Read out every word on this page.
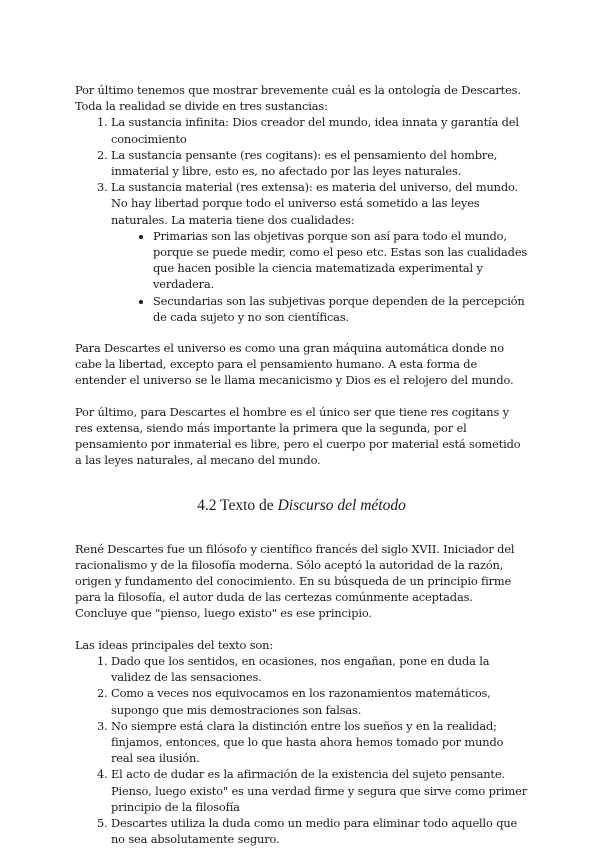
Por último tenemos que mostrar brevemente cuál es la ontología de Descartes. Toda la realidad se divide en tres sustancias:

1. La sustancia infinita: Dios creador del mundo, idea innata y garantía del conocimiento
2. La sustancia pensante (res cogitans): es el pensamiento del hombre, inmaterial y libre, esto es, no afectado por las leyes naturales.
3. La sustancia material (res extensa): es materia del universo, del mundo. No hay libertad porque todo el universo está sometido a las leyes naturales. La materia tiene dos cualidades:
• Primarias son las objetivas porque son así para todo el mundo, porque se puede medir, como el peso etc. Estas son las cualidades que hacen posible la ciencia matematizada experimental y verdadera.
• Secundarias son las subjetivas porque dependen de la percepción de cada sujeto y no son científicas.

Para Descartes el universo es como una gran máquina automática donde no cabe la libertad, excepto para el pensamiento humano. A esta forma de entender el universo se le llama mecanicismo y Dios es el relojero del mundo.

Por último, para Descartes el hombre es el único ser que tiene res cogitans y res extensa, siendo más importante la primera que la segunda, por el pensamiento por inmaterial es libre, pero el cuerpo por material está sometido a las leyes naturales, al mecano del mundo.

4.2 Texto de Discurso del método

René Descartes fue un filósofo y científico francés del siglo XVII. Iniciador del racionalismo y de la filosofía moderna. Sólo aceptó la autoridad de la razón, origen y fundamento del conocimiento. En su búsqueda de un principio firme para la filosofía, el autor duda de las certezas comúnmente aceptadas. Concluye que "pienso, luego existo" es ese principio.

Las ideas principales del texto son:

1. Dado que los sentidos, en ocasiones, nos engañan, pone en duda la validez de las sensaciones.
2. Como a veces nos equivocamos en los razonamientos matemáticos, supongo que mis demostraciones son falsas.
3. No siempre está clara la distinción entre los sueños y en la realidad; finjamos, entonces, que lo que hasta ahora hemos tomado por mundo real sea ilusión.
4. El acto de dudar es la afirmación de la existencia del sujeto pensante. Pienso, luego existo" es una verdad firme y segura que sirve como primer principio de la filosofía
5. Descartes utiliza la duda como un medio para eliminar todo aquello que no sea absolutamente seguro.
